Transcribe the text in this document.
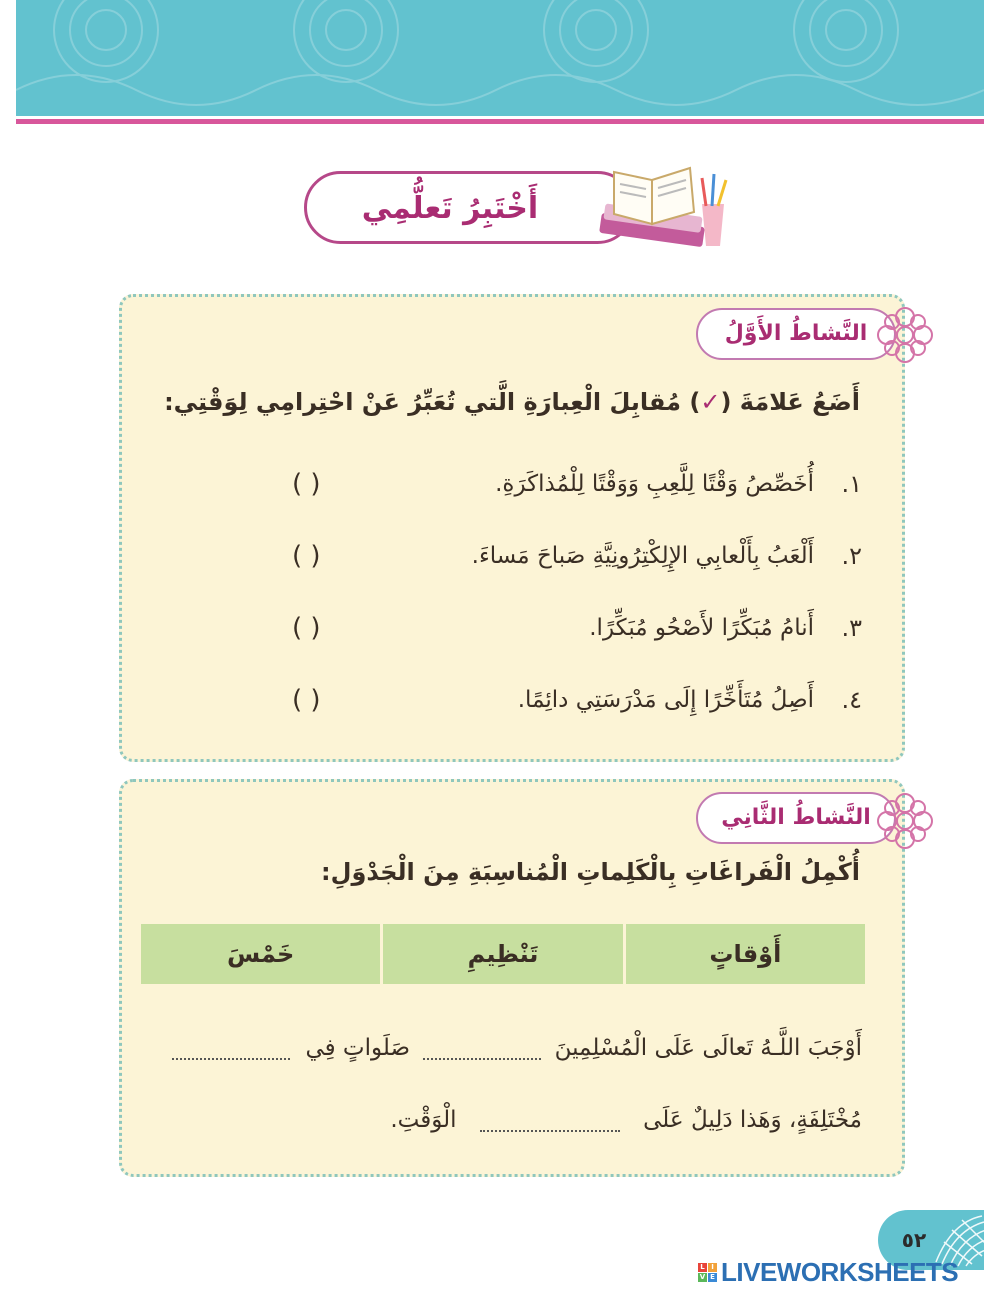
أَخْتَبِرُ تَعلُّمِي
النَّشاطُ الأَوَّلُ
أَضَعُ عَلامَةَ (✓) مُقابِلَ الْعِبارَةِ الَّتي تُعَبِّرُ عَنْ احْتِرامِي لِوَقْتِي:
١.
أُخَصِّصُ وَقْتًا لِلَّعِبِ وَوَقْتًا لِلْمُذاكَرَةِ.
( )
٢.
أَلْعَبُ بِأَلْعابِي الإِلِكْتِرُونِيَّةِ صَباحَ مَساءَ.
( )
٣.
أَنامُ مُبَكِّرًا لأَصْحُو مُبَكِّرًا.
( )
٤.
أَصِلُ مُتَأَخِّرًا إِلَى مَدْرَسَتِي دائِمًا.
( )
النَّشاطُ الثَّانِي
أُكْمِلُ الْفَراغَاتِ بِالْكَلِماتِ الْمُناسِبَةِ مِنَ الْجَدْوَلِ:
أَوْقاتٍ
تَنْظِيمِ
خَمْسَ
أَوْجَبَ اللَّـهُ تَعالَى عَلَى الْمُسْلِمِينَ  صَلَواتٍ فِي
مُخْتَلِفَةٍ، وَهَذا دَلِيلٌ عَلَى  الْوَقْتِ.
٥٢
L I
V E LIVEWORKSHEETS
